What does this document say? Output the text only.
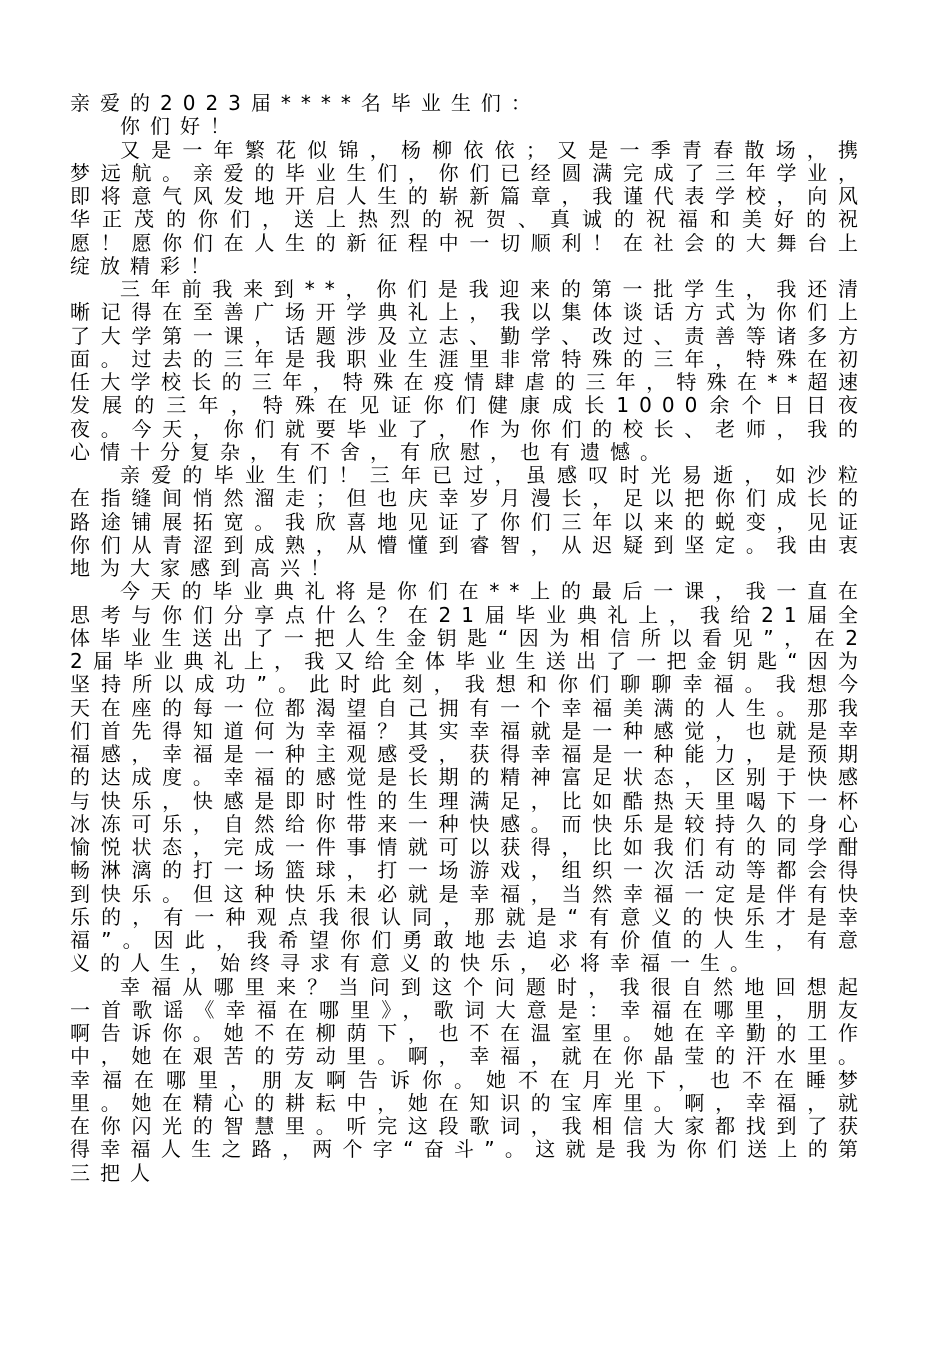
亲爱的2023届****名毕业生们：

你们好！

又是一年繁花似锦，杨柳依依；又是一季青春散场，携梦远航。亲爱的毕业生们，你们已经圆满完成了三年学业，即将意气风发地开启人生的崭新篇章，我谨代表学校，向风华正茂的你们，送上热烈的祝贺、真诚的祝福和美好的祝愿！愿你们在人生的新征程中一切顺利！在社会的大舞台上绽放精彩！

三年前我来到**，你们是我迎来的第一批学生，我还清晰记得在至善广场开学典礼上，我以集体谈话方式为你们上了大学第一课，话题涉及立志、勤学、改过、责善等诸多方面。过去的三年是我职业生涯里非常特殊的三年，特殊在初任大学校长的三年，特殊在疫情肆虐的三年，特殊在**超速发展的三年，特殊在见证你们健康成长1000余个日日夜夜。今天，你们就要毕业了，作为你们的校长、老师，我的心情十分复杂，有不舍，有欣慰，也有遗憾。

亲爱的毕业生们！三年已过，虽感叹时光易逝，如沙粒在指缝间悄然溜走；但也庆幸岁月漫长，足以把你们成长的路途铺展拓宽。我欣喜地见证了你们三年以来的蜕变，见证你们从青涩到成熟，从懵懂到睿智，从迟疑到坚定。我由衷地为大家感到高兴！

今天的毕业典礼将是你们在**上的最后一课，我一直在思考与你们分享点什么？在21届毕业典礼上，我给21届全体毕业生送出了一把人生金钥匙“因为相信所以看见”，在22届毕业典礼上，我又给全体毕业生送出了一把金钥匙“因为坚持所以成功”。此时此刻，我想和你们聊聊幸福。我想今天在座的每一位都渴望自己拥有一个幸福美满的人生。那我们首先得知道何为幸福？其实幸福就是一种感觉，也就是幸福感，幸福是一种主观感受，获得幸福是一种能力，是预期的达成度。幸福的感觉是长期的精神富足状态，区别于快感与快乐，快感是即时性的生理满足，比如酷热天里喝下一杯冰冻可乐，自然给你带来一种快感。而快乐是较持久的身心愉悦状态，完成一件事情就可以获得，比如我们有的同学酣畅淋漓的打一场篮球，打一场游戏，组织一次活动等都会得到快乐。但这种快乐未必就是幸福，当然幸福一定是伴有快乐的，有一种观点我很认同，那就是“有意义的快乐才是幸福”。因此，我希望你们勇敢地去追求有价值的人生，有意义的人生，始终寻求有意义的快乐，必将幸福一生。

幸福从哪里来？当问到这个问题时，我很自然地回想起一首歌谣《幸福在哪里》，歌词大意是：幸福在哪里，朋友啊告诉你。她不在柳荫下，也不在温室里。她在辛勤的工作中，她在艰苦的劳动里。啊，幸福，就在你晶莹的汗水里。幸福在哪里，朋友啊告诉你。她不在月光下，也不在睡梦里。她在精心的耕耘中，她在知识的宝库里。啊，幸福，就在你闪光的智慧里。听完这段歌词，我相信大家都找到了获得幸福人生之路，两个字“奋斗”。这就是我为你们送上的第三把人
